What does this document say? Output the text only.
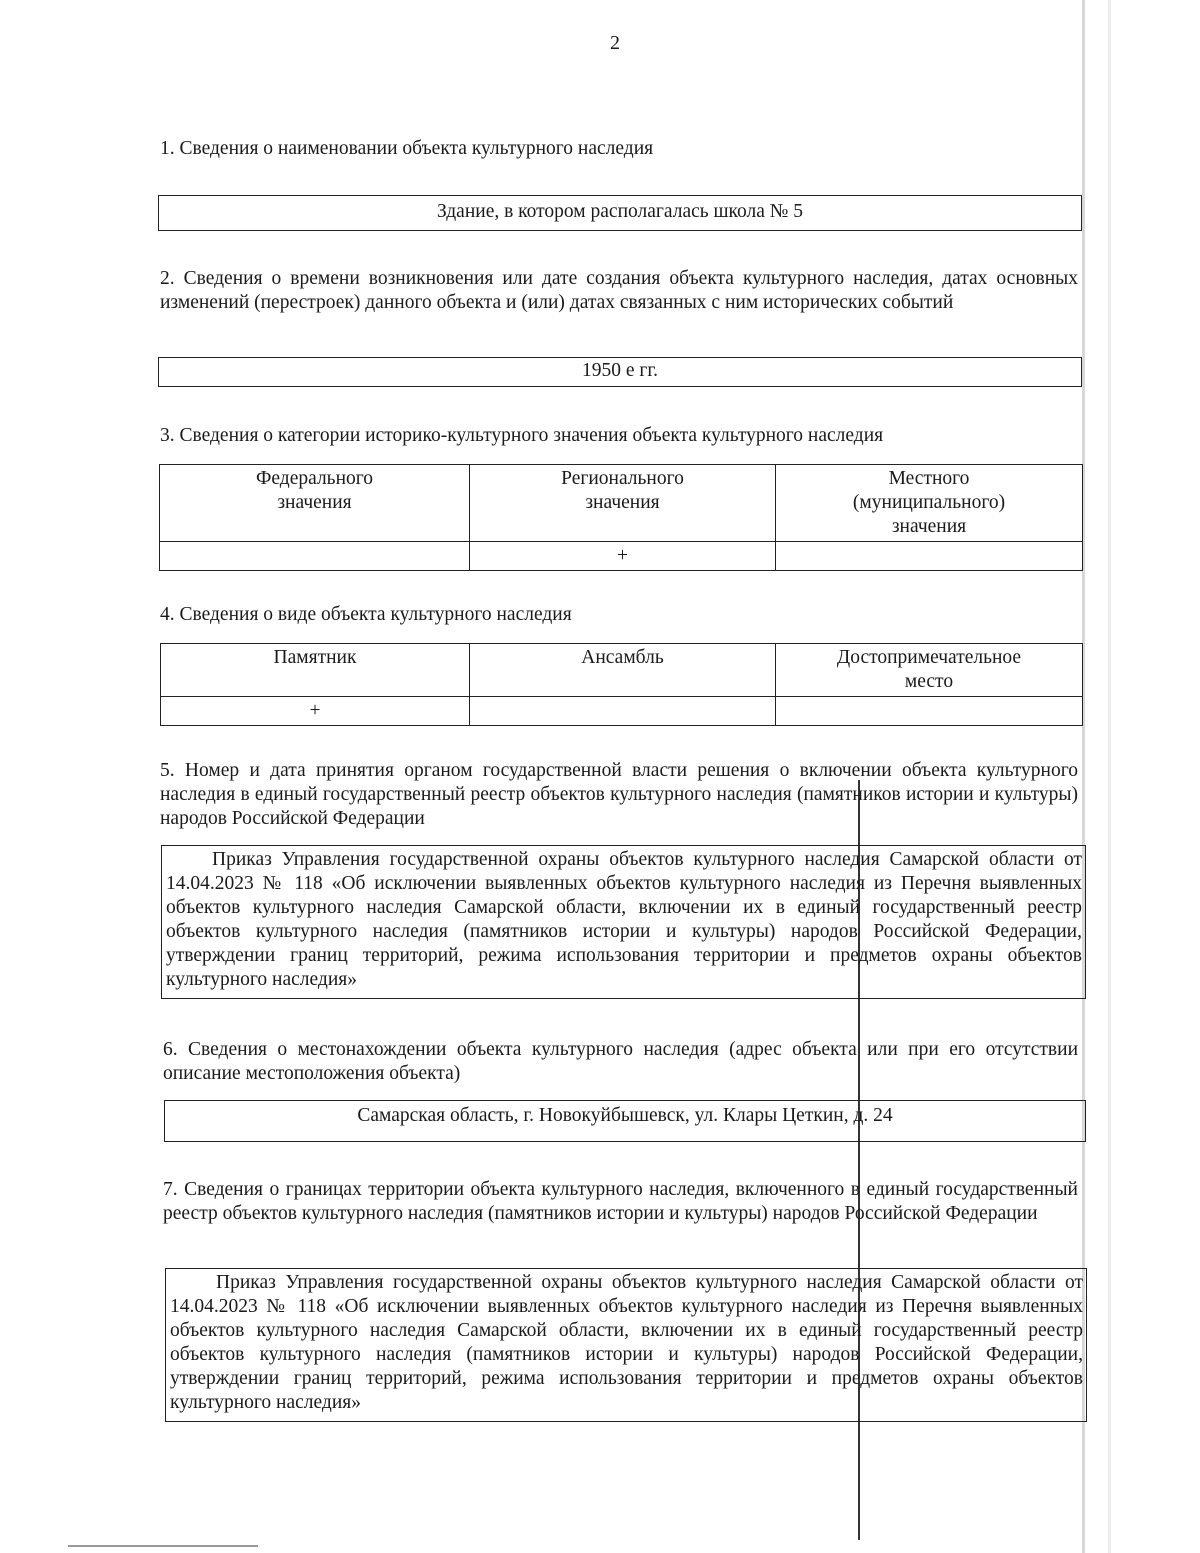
2
1. Сведения о наименовании объекта культурного наследия
Здание, в котором располагалась школа № 5
2. Сведения о времени возникновения или дате создания объекта культурного наследия, датах основных изменений (перестроек) данного объекта и (или) датах связанных с ним исторических событий
1950 е гг.
3. Сведения о категории историко-культурного значения объекта культурного наследия
Федерального значения	Регионального значения	Местного (муниципального) значения

	+	
4. Сведения о виде объекта культурного наследия
Памятник	Ансамбль	Достопримечательное место

+		
5. Номер и дата принятия органом государственной власти решения о включении объекта культурного наследия в единый государственный реестр объектов культурного наследия (памятников истории и культуры) народов Российской Федерации
Приказ Управления государственной охраны объектов культурного наследия Самарской области от 14.04.2023 № 118 «Об исключении выявленных объектов культурного наследия из Перечня выявленных объектов культурного наследия Самарской области, включении их в единый государственный реестр объектов культурного наследия (памятников истории и культуры) народов Российской Федерации, утверждении границ территорий, режима использования территории и предметов охраны объектов культурного наследия»
6. Сведения о местонахождении объекта культурного наследия (адрес объекта или при его отсутствии описание местоположения объекта)
Самарская область, г. Новокуйбышевск, ул. Клары Цеткин, д. 24
7. Сведения о границах территории объекта культурного наследия, включенного в единый государственный реестр объектов культурного наследия (памятников истории и культуры) народов Российской Федерации
Приказ Управления государственной охраны объектов культурного наследия Самарской области от 14.04.2023 № 118 «Об исключении выявленных объектов культурного наследия из Перечня выявленных объектов культурного наследия Самарской области, включении их в единый государственный реестр объектов культурного наследия (памятников истории и культуры) народов Российской Федерации, утверждении границ территорий, режима использования территории и предметов охраны объектов культурного наследия»
